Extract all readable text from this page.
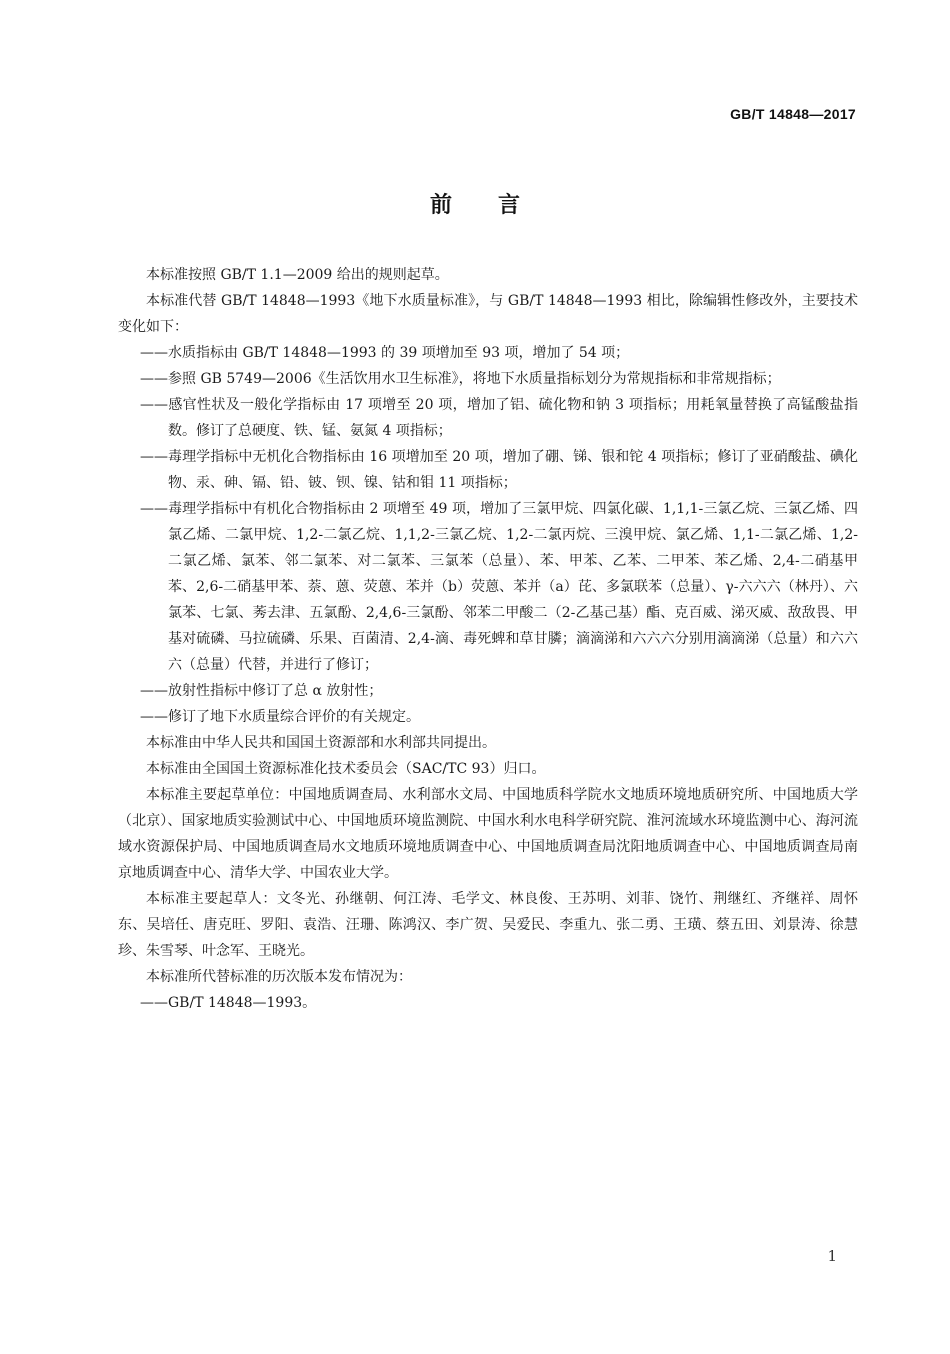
GB/T 14848—2017
前言

本标准按照 GB/T 1.1—2009 给出的规则起草。

本标准代替 GB/T 14848—1993《地下水质量标准》，与 GB/T 14848—1993 相比，除编辑性修改外，主要技术变化如下：

——水质指标由 GB/T 14848—1993 的 39 项增加至 93 项，增加了 54 项；

——参照 GB 5749—2006《生活饮用水卫生标准》，将地下水质量指标划分为常规指标和非常规指标；

——感官性状及一般化学指标由 17 项增至 20 项，增加了铝、硫化物和钠 3 项指标；用耗氧量替换了高锰酸盐指数。修订了总硬度、铁、锰、氨氮 4 项指标；

——毒理学指标中无机化合物指标由 16 项增加至 20 项，增加了硼、锑、银和铊 4 项指标；修订了亚硝酸盐、碘化物、汞、砷、镉、铅、铍、钡、镍、钴和钼 11 项指标；

——毒理学指标中有机化合物指标由 2 项增至 49 项，增加了三氯甲烷、四氯化碳、1,1,1-三氯乙烷、三氯乙烯、四氯乙烯、二氯甲烷、1,2-二氯乙烷、1,1,2-三氯乙烷、1,2-二氯丙烷、三溴甲烷、氯乙烯、1,1-二氯乙烯、1,2-二氯乙烯、氯苯、邻二氯苯、对二氯苯、三氯苯（总量）、苯、甲苯、乙苯、二甲苯、苯乙烯、2,4-二硝基甲苯、2,6-二硝基甲苯、萘、蒽、荧蒽、苯并（b）荧蒽、苯并（a）芘、多氯联苯（总量）、γ-六六六（林丹）、六氯苯、七氯、莠去津、五氯酚、2,4,6-三氯酚、邻苯二甲酸二（2-乙基己基）酯、克百威、涕灭威、敌敌畏、甲基对硫磷、马拉硫磷、乐果、百菌清、2,4-滴、毒死蜱和草甘膦；滴滴涕和六六六分别用滴滴涕（总量）和六六六（总量）代替，并进行了修订；

——放射性指标中修订了总 α 放射性；

——修订了地下水质量综合评价的有关规定。

本标准由中华人民共和国国土资源部和水利部共同提出。

本标准由全国国土资源标准化技术委员会（SAC/TC 93）归口。

本标准主要起草单位：中国地质调查局、水利部水文局、中国地质科学院水文地质环境地质研究所、中国地质大学（北京）、国家地质实验测试中心、中国地质环境监测院、中国水利水电科学研究院、淮河流域水环境监测中心、海河流域水资源保护局、中国地质调查局水文地质环境地质调查中心、中国地质调查局沈阳地质调查中心、中国地质调查局南京地质调查中心、清华大学、中国农业大学。

本标准主要起草人：文冬光、孙继朝、何江涛、毛学文、林良俊、王苏明、刘菲、饶竹、荆继红、齐继祥、周怀东、吴培任、唐克旺、罗阳、袁浩、汪珊、陈鸿汉、李广贺、吴爱民、李重九、张二勇、王璜、蔡五田、刘景涛、徐慧珍、朱雪琴、叶念军、王晓光。

本标准所代替标准的历次版本发布情况为：

——GB/T 14848—1993。

1
